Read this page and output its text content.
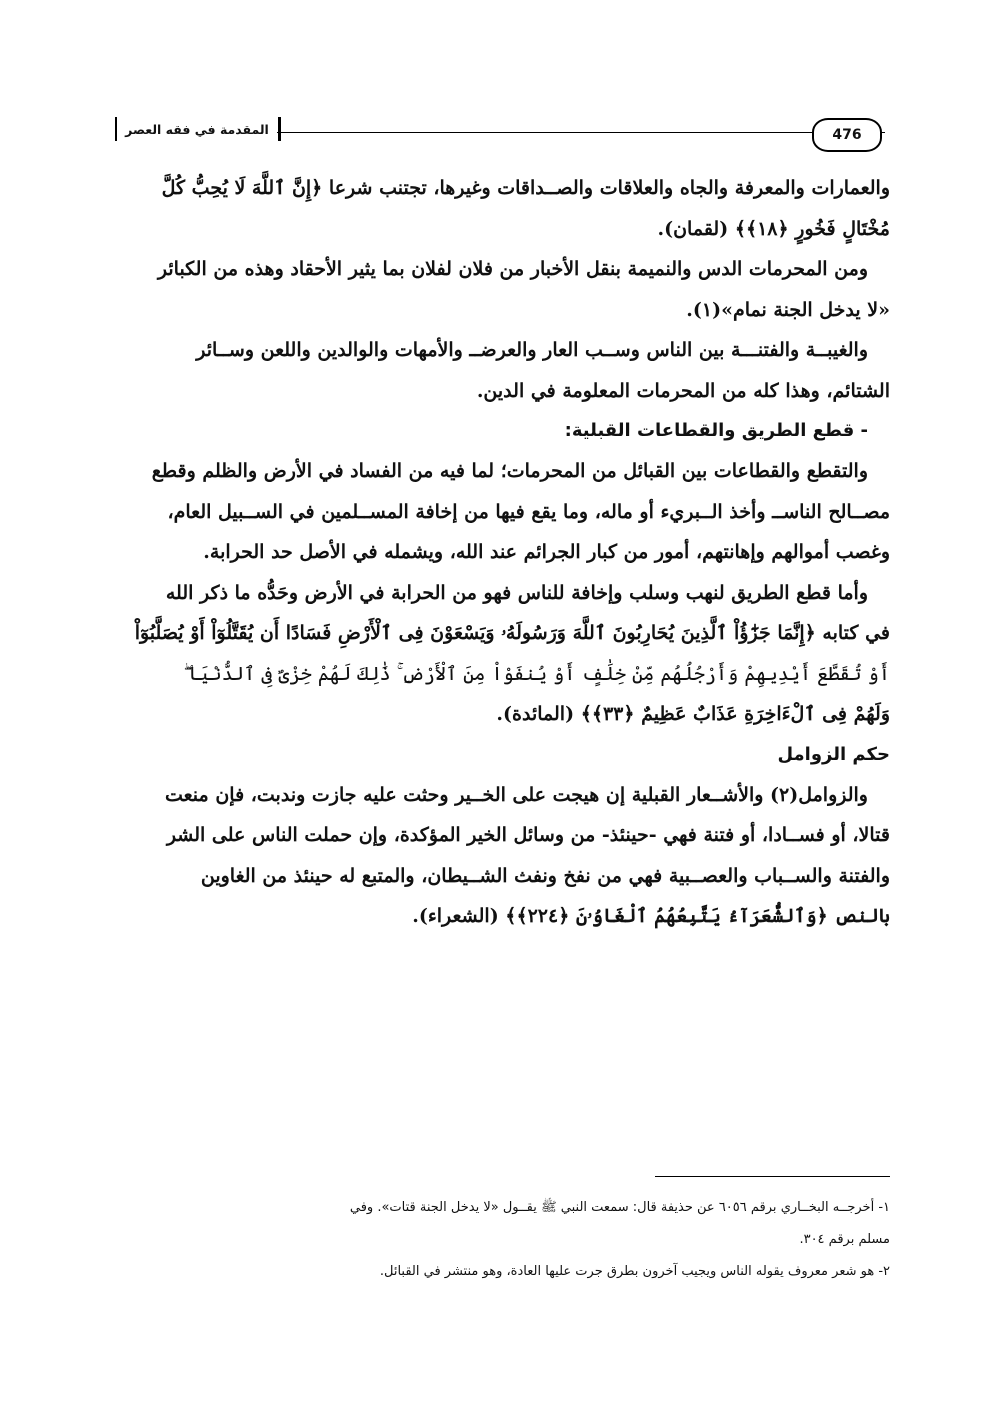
المقدمة في فقه العصر	476

والعمارات والمعرفة والجاه والعلاقات والصــداقات وغيرها، تجتنب شرعا ﴿إِنَّ ٱللَّهَ لَا يُحِبُّ كُلَّ

مُخْتَالٍ فَخُورٍ ﴿١٨﴾﴾ (لقمان).

ومن المحرمات الدس والنميمة بنقل الأخبار من فلان لفلان بما يثير الأحقاد وهذه من الكبائر

«لا يدخل الجنة نمام»(١).

والغيبــة والفتنـــة بين الناس وســب العار والعرضــ والأمهات والوالدين واللعن وســائر

الشتائم، وهذا كله من المحرمات المعلومة في الدين.

- قطع الطريق والقطاعات القبلية:

والتقطع والقطاعات بين القبائل من المحرمات؛ لما فيه من الفساد في الأرض والظلم وقطع

مصــالح الناســ وأخذ الــبريء أو ماله، وما يقع فيها من إخافة المســلمين في الســبيل العام،

وغصب أموالهم وإهانتهم، أمور من كبار الجرائم عند الله، ويشمله في الأصل حد الحرابة.

وأما قطع الطريق لنهب وسلب وإخافة للناس فهو من الحرابة في الأرض وحَدُّه ما ذكر الله

في كتابه ﴿إِنَّمَا جَزَٰٓؤُاْ ٱلَّذِينَ يُحَارِبُونَ ٱللَّهَ وَرَسُولَهُۥ وَيَسْعَوْنَ فِى ٱلْأَرْضِ فَسَادًا أَن يُقَتَّلُوٓاْ أَوْ يُصَلَّبُوٓاْ

أَوْ تُقَطَّعَ أَيْدِيهِمْ وَأَرْجُلُهُم مِّنْ خِلَٰفٍ أَوْ يُنفَوْاْ مِنَ ٱلْأَرْضِ ۚ ذَٰلِكَ لَهُمْ خِزْىٌ فِى ٱلدُّنْيَا ۖ

وَلَهُمْ فِى ٱلْءَاخِرَةِ عَذَابٌ عَظِيمٌ ﴿٣٣﴾﴾ (المائدة).

حكم الزوامل

والزوامل(٢) والأشــعار القبلية إن هيجت على الخــير وحثت عليه جازت وندبت، فإن منعت

قتالا، أو فســادا، أو فتنة فهي -حينئذ- من وسائل الخير المؤكدة، وإن حملت الناس على الشر

والفتنة والســباب والعصــبية فهي من نفخ ونفث الشــيطان، والمتبع له حينئذ من الغاوين

بالنص ﴿وَٱلشُّعَرَآءُ يَتَّبِعُهُمُ ٱلْغَاوُۥنَ ﴿٢٢٤﴾﴾ (الشعراء).

١- أخرجــه البخــاري برقم ٦٠٥٦ عن حذيفة قال: سمعت النبي ﷺ يقــول «لا يدخل الجنة قتات». وفي

مسلم برقم ٣٠٤.

٢- هو شعر معروف يقوله الناس ويجيب آخرون بطرق جرت عليها العادة، وهو منتشر في القبائل.
